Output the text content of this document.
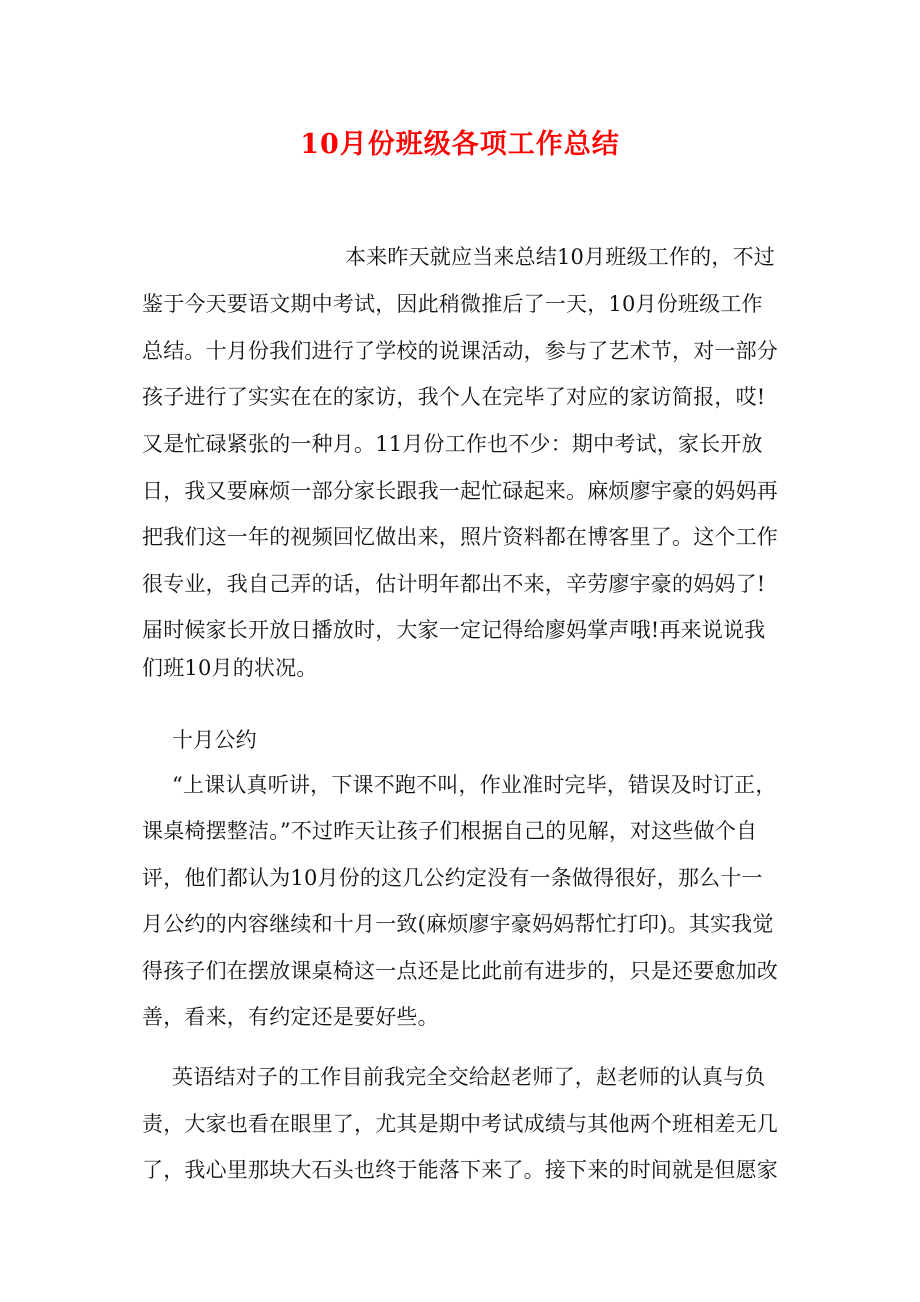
10月份班级各项工作总结
本来昨天就应当来总结10月班级工作的，不过
鉴于今天要语文期中考试，因此稍微推后了一天，10月份班级工作
总结。十月份我们进行了学校的说课活动，参与了艺术节，对一部分
孩子进行了实实在在的家访，我个人在完毕了对应的家访简报，哎!
又是忙碌紧张的一种月。11月份工作也不少：期中考试，家长开放
日，我又要麻烦一部分家长跟我一起忙碌起来。麻烦廖宇豪的妈妈再
把我们这一年的视频回忆做出来，照片资料都在博客里了。这个工作
很专业，我自己弄的话，估计明年都出不来，辛劳廖宇豪的妈妈了!
届时候家长开放日播放时，大家一定记得给廖妈掌声哦!再来说说我
们班10月的状况。
十月公约
“上课认真听讲，下课不跑不叫，作业准时完毕，错误及时订正，
课桌椅摆整洁。”不过昨天让孩子们根据自己的见解，对这些做个自
评，他们都认为10月份的这几公约定没有一条做得很好，那么十一
月公约的内容继续和十月一致(麻烦廖宇豪妈妈帮忙打印)。其实我觉
得孩子们在摆放课桌椅这一点还是比此前有进步的，只是还要愈加改
善，看来，有约定还是要好些。
英语结对子的工作目前我完全交给赵老师了，赵老师的认真与负
责，大家也看在眼里了，尤其是期中考试成绩与其他两个班相差无几
了，我心里那块大石头也终于能落下来了。接下来的时间就是但愿家
